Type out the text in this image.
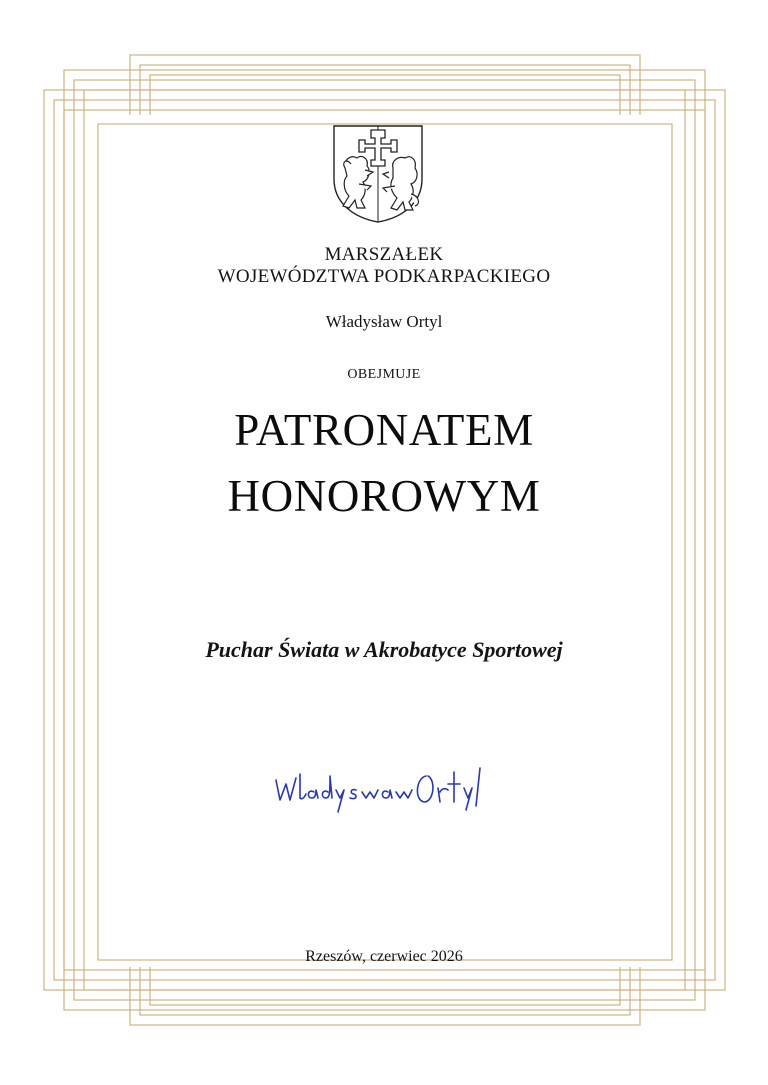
MARSZAŁEK
WOJEWÓDZTWA PODKARPACKIEGO
Władysław Ortyl
OBEJMUJE
PATRONATEM
HONOROWYM
Puchar Świata w Akrobatyce Sportowej
Rzeszów, czerwiec 2026
